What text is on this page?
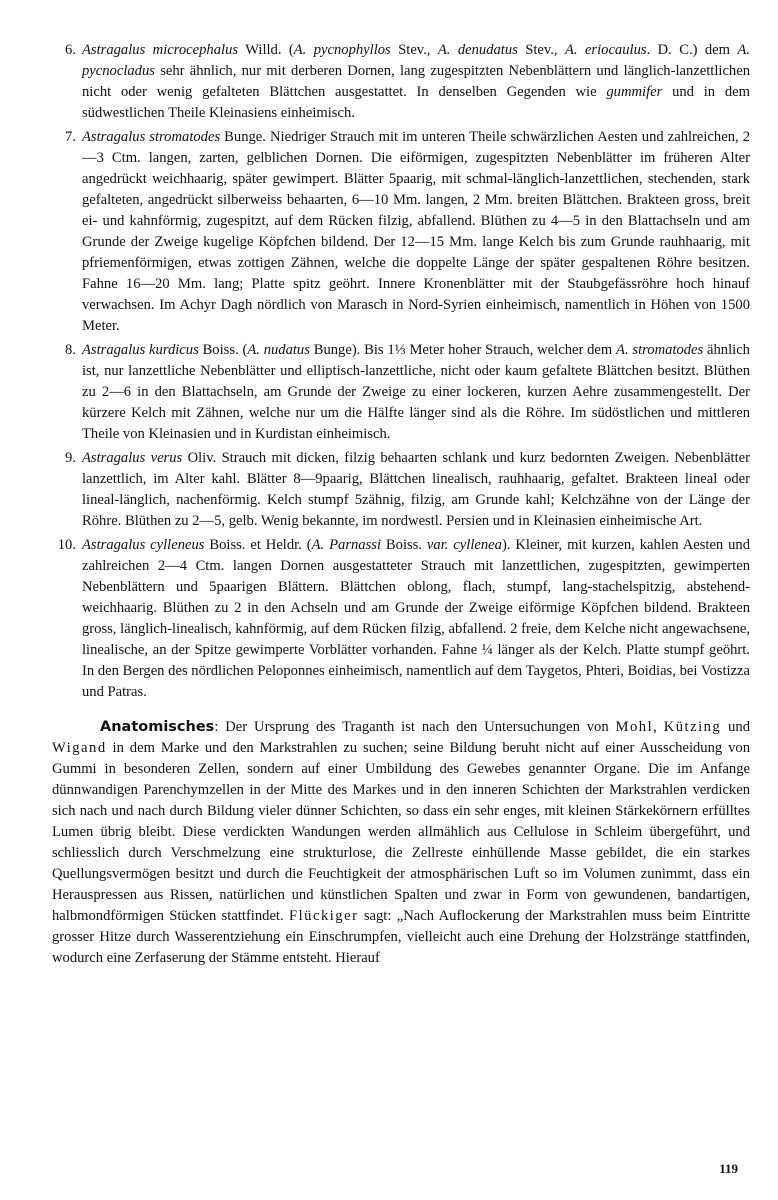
6. Astragalus microcephalus Willd. (A. pycnophyllos Stev., A. denudatus Stev., A. eriocaulus. D. C.) dem A. pycnocladus sehr ähnlich, nur mit derberen Dornen, lang zugespitzten Nebenblättern und länglich-lanzettlichen nicht oder wenig gefalteten Blättchen ausgestattet. In denselben Gegenden wie gummifer und in dem südwestlichen Theile Kleinasiens einheimisch.
7. Astragalus stromatodes Bunge. Niedriger Strauch mit im unteren Theile schwärzlichen Aesten und zahlreichen, 2—3 Ctm. langen, zarten, gelblichen Dornen. Die eiförmigen, zugespitzten Nebenblätter im früheren Alter angedrückt weichhaarig, später gewimpert. Blätter 5paarig, mit schmal-länglich-lanzettlichen, stechenden, stark gefalteten, angedrückt silberweiss behaarten, 6—10 Mm. langen, 2 Mm. breiten Blättchen. Brakteen gross, breit ei- und kahnförmig, zugespitzt, auf dem Rücken filzig, abfallend. Blüthen zu 4—5 in den Blattachseln und am Grunde der Zweige kugelige Köpfchen bildend. Der 12—15 Mm. lange Kelch bis zum Grunde rauhhaarig, mit pfriemenförmigen, etwas zottigen Zähnen, welche die doppelte Länge der später gespaltenen Röhre besitzen. Fahne 16—20 Mm. lang; Platte spitz geöhrt. Innere Kronenblätter mit der Staubgefässröhre hoch hinauf verwachsen. Im Achyr Dagh nördlich von Marasch in Nord-Syrien einheimisch, namentlich in Höhen von 1500 Meter.
8. Astragalus kurdicus Boiss. (A. nudatus Bunge). Bis 1⅓ Meter hoher Strauch, welcher dem A. stromatodes ähnlich ist, nur lanzettliche Nebenblätter und elliptisch-lanzettliche, nicht oder kaum gefaltete Blättchen besitzt. Blüthen zu 2—6 in den Blattachseln, am Grunde der Zweige zu einer lockeren, kurzen Aehre zusammengestellt. Der kürzere Kelch mit Zähnen, welche nur um die Hälfte länger sind als die Röhre. Im südöstlichen und mittleren Theile von Kleinasien und in Kurdistan einheimisch.
9. Astragalus verus Oliv. Strauch mit dicken, filzig behaarten schlank und kurz bedornten Zweigen. Nebenblätter lanzettlich, im Alter kahl. Blätter 8—9paarig, Blättchen linealisch, rauhhaarig, gefaltet. Brakteen lineal oder lineal-länglich, nachenförmig. Kelch stumpf 5zähnig, filzig, am Grunde kahl; Kelchzähne von der Länge der Röhre. Blüthen zu 2—5, gelb. Wenig bekannte, im nordwestl. Persien und in Kleinasien einheimische Art.
10. Astragalus cylleneus Boiss. et Heldr. (A. Parnassi Boiss. var. cyllenea). Kleiner, mit kurzen, kahlen Aesten und zahlreichen 2—4 Ctm. langen Dornen ausgestatteter Strauch mit lanzettlichen, zugespitzten, gewimperten Nebenblättern und 5paarigen Blättern. Blättchen oblong, flach, stumpf, lang-stachelspitzig, abstehend-weichhaarig. Blüthen zu 2 in den Achseln und am Grunde der Zweige eiförmige Köpfchen bildend. Brakteen gross, länglich-linealisch, kahnförmig, auf dem Rücken filzig, abfallend. 2 freie, dem Kelche nicht angewachsene, linealische, an der Spitze gewimperte Vorblätter vorhanden. Fahne ¼ länger als der Kelch. Platte stumpf geöhrt. In den Bergen des nördlichen Peloponnes einheimisch, namentlich auf dem Taygetos, Phteri, Boidias, bei Vostizza und Patras.

Anatomisches: Der Ursprung des Traganth ist nach den Untersuchungen von Mohl, Kützing und Wigand in dem Marke und den Markstrahlen zu suchen; seine Bildung beruht nicht auf einer Ausscheidung von Gummi in besonderen Zellen, sondern auf einer Umbildung des Gewebes genannter Organe. Die im Anfange dünnwandigen Parenchymzellen in der Mitte des Markes und in den inneren Schichten der Markstrahlen verdicken sich nach und nach durch Bildung vieler dünner Schichten, so dass ein sehr enges, mit kleinen Stärkekörnern erfülltes Lumen übrig bleibt. Diese verdickten Wandungen werden allmählich aus Cellulose in Schleim übergeführt, und schliesslich durch Verschmelzung eine strukturlose, die Zellreste einhüllende Masse gebildet, die ein starkes Quellungsvermögen besitzt und durch die Feuchtigkeit der atmosphärischen Luft so im Volumen zunimmt, dass ein Herauspressen aus Rissen, natürlichen und künstlichen Spalten und zwar in Form von gewundenen, bandartigen, halbmondförmigen Stücken stattfindet. Flückiger sagt: „Nach Auflockerung der Markstrahlen muss beim Eintritte grosser Hitze durch Wasserentziehung ein Einschrumpfen, vielleicht auch eine Drehung der Holzstränge stattfinden, wodurch eine Zerfaserung der Stämme entsteht. Hierauf

119
